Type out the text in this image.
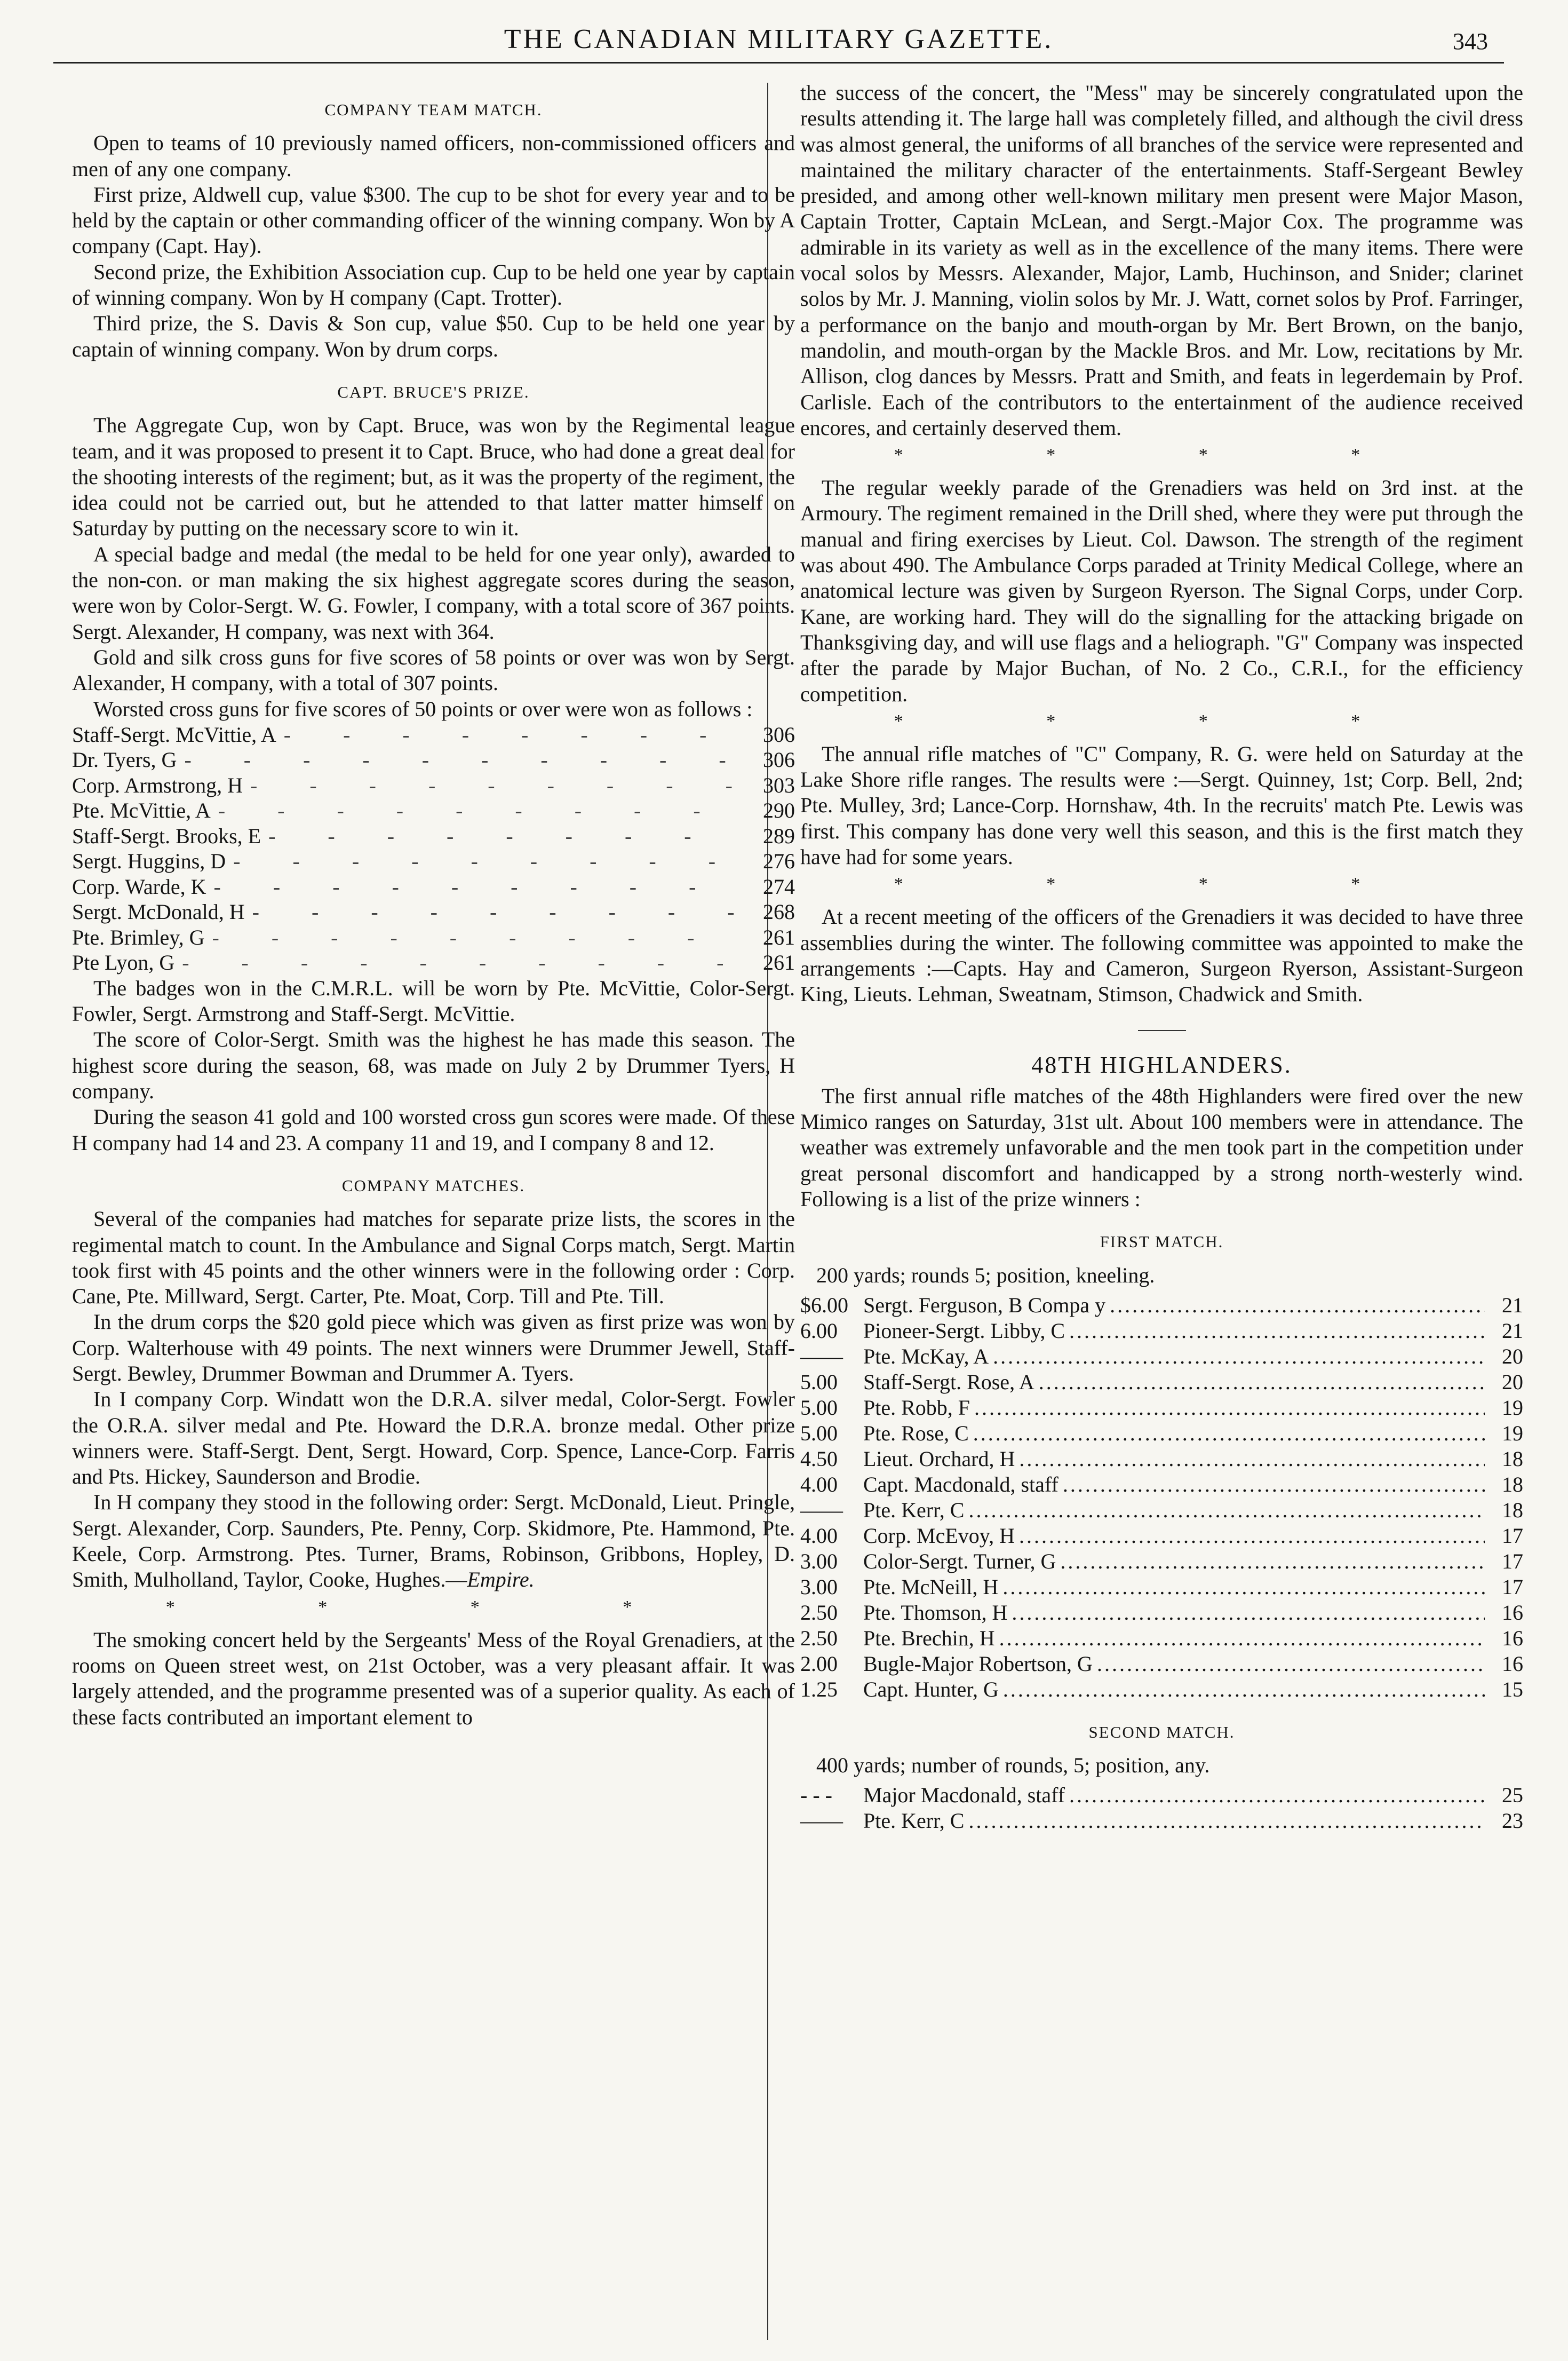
THE CANADIAN MILITARY GAZETTE.	343
COMPANY TEAM MATCH.

Open to teams of 10 previously named officers, non-commissioned officers and men of any one company.

First prize, Aldwell cup, value $300. The cup to be shot for every year and to be held by the captain or other commanding officer of the winning company. Won by A company (Capt. Hay).

Second prize, the Exhibition Association cup. Cup to be held one year by captain of winning company. Won by H company (Capt. Trotter).

Third prize, the S. Davis & Son cup, value $50. Cup to be held one year by captain of winning company. Won by drum corps.

CAPT. BRUCE'S PRIZE.

The Aggregate Cup, won by Capt. Bruce, was won by the Regimental league team, and it was proposed to present it to Capt. Bruce, who had done a great deal for the shooting interests of the regiment; but, as it was the property of the regiment, the idea could not be carried out, but he attended to that latter matter himself on Saturday by putting on the necessary score to win it.

A special badge and medal (the medal to be held for one year only), awarded to the non-con. or man making the six highest aggregate scores during the season, were won by Color-Sergt. W. G. Fowler, I company, with a total score of 367 points. Sergt. Alexander, H company, was next with 364.

Gold and silk cross guns for five scores of 58 points or over was won by Sergt. Alexander, H company, with a total of 307 points.

Worsted cross guns for five scores of 50 points or over were won as follows :

Staff-Sergt. McVittie, A - - -	306
Dr. Tyers, G - - -	306
Corp. Armstrong, H - - -	303
Pte. McVittie, A - - -	290
Staff-Sergt. Brooks, E - - -	289
Sergt. Huggins, D - - -	276
Corp. Warde, K - - -	274
Sergt. McDonald, H - - -	268
Pte. Brimley, G - - -	261
Pte Lyon, G - - -	261

The badges won in the C.M.R.L. will be worn by Pte. McVittie, Color-Sergt. Fowler, Sergt. Armstrong and Staff-Sergt. McVittie.

The score of Color-Sergt. Smith was the highest he has made this season. The highest score during the season, 68, was made on July 2 by Drummer Tyers, H company.

During the season 41 gold and 100 worsted cross gun scores were made. Of these H company had 14 and 23. A company 11 and 19, and I company 8 and 12.

COMPANY MATCHES.

Several of the companies had matches for separate prize lists, the scores in the regimental match to count. In the Ambulance and Signal Corps match, Sergt. Martin took first with 45 points and the other winners were in the following order : Corp. Cane, Pte. Millward, Sergt. Carter, Pte. Moat, Corp. Till and Pte. Till.

In the drum corps the $20 gold piece which was given as first prize was won by Corp. Walterhouse with 49 points. The next winners were Drummer Jewell, Staff-Sergt. Bewley, Drummer Bowman and Drummer A. Tyers.

In I company Corp. Windatt won the D.R.A. silver medal, Color-Sergt. Fowler the O.R.A. silver medal and Pte. Howard the D.R.A. bronze medal. Other prize winners were. Staff-Sergt. Dent, Sergt. Howard, Corp. Spence, Lance-Corp. Farris and Pts. Hickey, Saunderson and Brodie.

In H company they stood in the following order: Sergt. McDonald, Lieut. Pringle, Sergt. Alexander, Corp. Saunders, Pte. Penny, Corp. Skidmore, Pte. Hammond, Pte. Keele, Corp. Armstrong. Ptes. Turner, Brams, Robinson, Gribbons, Hopley, D. Smith, Mulholland, Taylor, Cooke, Hughes.—Empire.

* * * *

The smoking concert held by the Sergeants' Mess of the Royal Grenadiers, at the rooms on Queen street west, on 21st October, was a very pleasant affair. It was largely attended, and the programme presented was of a superior quality. As each of these facts contributed an important element to

the success of the concert, the "Mess" may be sincerely congratulated upon the results attending it. The large hall was completely filled, and although the civil dress was almost general, the uniforms of all branches of the service were represented and maintained the military character of the entertainments. Staff-Sergeant Bewley presided, and among other well-known military men present were Major Mason, Captain Trotter, Captain McLean, and Sergt.-Major Cox. The programme was admirable in its variety as well as in the excellence of the many items. There were vocal solos by Messrs. Alexander, Major, Lamb, Huchinson, and Snider; clarinet solos by Mr. J. Manning, violin solos by Mr. J. Watt, cornet solos by Prof. Farringer, a performance on the banjo and mouth-organ by Mr. Bert Brown, on the banjo, mandolin, and mouth-organ by the Mackle Bros. and Mr. Low, recitations by Mr. Allison, clog dances by Messrs. Pratt and Smith, and feats in legerdemain by Prof. Carlisle. Each of the contributors to the entertainment of the audience received encores, and certainly deserved them.

* * * *

The regular weekly parade of the Grenadiers was held on 3rd inst. at the Armoury. The regiment remained in the Drill shed, where they were put through the manual and firing exercises by Lieut. Col. Dawson. The strength of the regiment was about 490. The Ambulance Corps paraded at Trinity Medical College, where an anatomical lecture was given by Surgeon Ryerson. The Signal Corps, under Corp. Kane, are working hard. They will do the signalling for the attacking brigade on Thanksgiving day, and will use flags and a heliograph. "G" Company was inspected after the parade by Major Buchan, of No. 2 Co., C.R.I., for the efficiency competition.

* * * *

The annual rifle matches of "C" Company, R. G. were held on Saturday at the Lake Shore rifle ranges. The results were :—Sergt. Quinney, 1st; Corp. Bell, 2nd; Pte. Mulley, 3rd; Lance-Corp. Hornshaw, 4th. In the recruits' match Pte. Lewis was first. This company has done very well this season, and this is the first match they have had for some years.

* * * *

At a recent meeting of the officers of the Grenadiers it was decided to have three assemblies during the winter. The following committee was appointed to make the arrangements :—Capts. Hay and Cameron, Surgeon Ryerson, Assistant-Surgeon King, Lieuts. Lehman, Sweatnam, Stimson, Chadwick and Smith.

48TH HIGHLANDERS.

The first annual rifle matches of the 48th Highlanders were fired over the new Mimico ranges on Saturday, 31st ult. About 100 members were in attendance. The weather was extremely unfavorable and the men took part in the competition under great personal discomfort and handicapped by a strong north-westerly wind. Following is a list of the prize winners :

FIRST MATCH.
200 yards; rounds 5; position, kneeling.
$6.00 Sergt. Ferguson, B Compa y .....	21
6.00	Pioneer-Sergt. Libby, C .....	21
—— Pte. McKay, A .....	20
5.00	Staff-Sergt. Rose, A .....	20
5.00	Pte. Robb, F .....	19
5.00	Pte. Rose, C .....	19
4.50	Lieut. Orchard, H .....	18
4.00	Capt. Macdonald, staff .....	18
—— Pte. Kerr, C .....	18
4.00	Corp. McEvoy, H .....	17
3.00	Color-Sergt. Turner, G .....	17
3.00	Pte. McNeill, H .....	17
2.50	Pte. Thomson, H .....	16
2.50	Pte. Brechin, H .....	16
2.00	Bugle-Major Robertson, G .....	16
1.25	Capt. Hunter, G .....	15
SECOND MATCH.
400 yards; number of rounds, 5; position, any.
- - -	Major Macdonald, staff .....	25
—— Pte. Kerr, C .....	23
